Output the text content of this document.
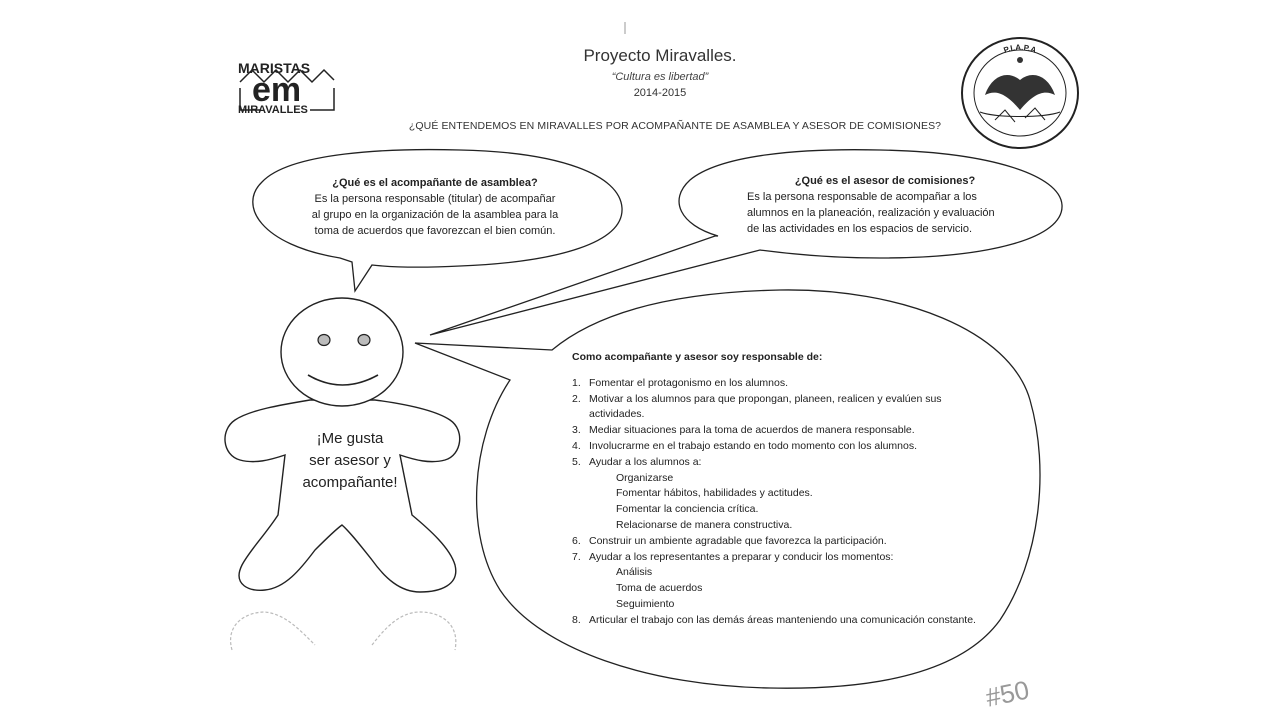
MARISTAS
em
MIRAVALLES
P.I.A.P.A
Proyecto Miravalles.
“Cultura es libertad”
2014-2015
¿QUÉ ENTENDEMOS EN MIRAVALLES POR ACOMPAÑANTE DE ASAMBLEA Y ASESOR DE COMISIONES?
¿Qué es el acompañante de asamblea?
Es la persona responsable (titular) de acompañar
al grupo en la organización de la asamblea para la
toma de acuerdos que favorezcan el bien común.
¿Qué es el asesor de comisiones?
Es la persona responsable de acompañar a los
alumnos en la planeación, realización y evaluación
de las actividades en los espacios de servicio.
Como acompañante y asesor soy responsable de:
1. Fomentar el protagonismo en los alumnos.
2. Motivar a los alumnos para que propongan, planeen, realicen y evalúen sus
actividades.
3. Mediar situaciones para la toma de acuerdos de manera responsable.
4. Involucrarme en el trabajo estando en todo momento con los alumnos.
5. Ayudar a los alumnos a:
Organizarse
Fomentar hábitos, habilidades y actitudes.
Fomentar la conciencia crítica.
Relacionarse de manera constructiva.
6. Construir un ambiente agradable que favorezca la participación.
7. Ayudar a los representantes a preparar y conducir los momentos:
Análisis
Toma de acuerdos
Seguimiento
8. Articular el trabajo con las demás áreas manteniendo una comunicación constante.
¡Me gusta
ser asesor y
acompañante!
#50
